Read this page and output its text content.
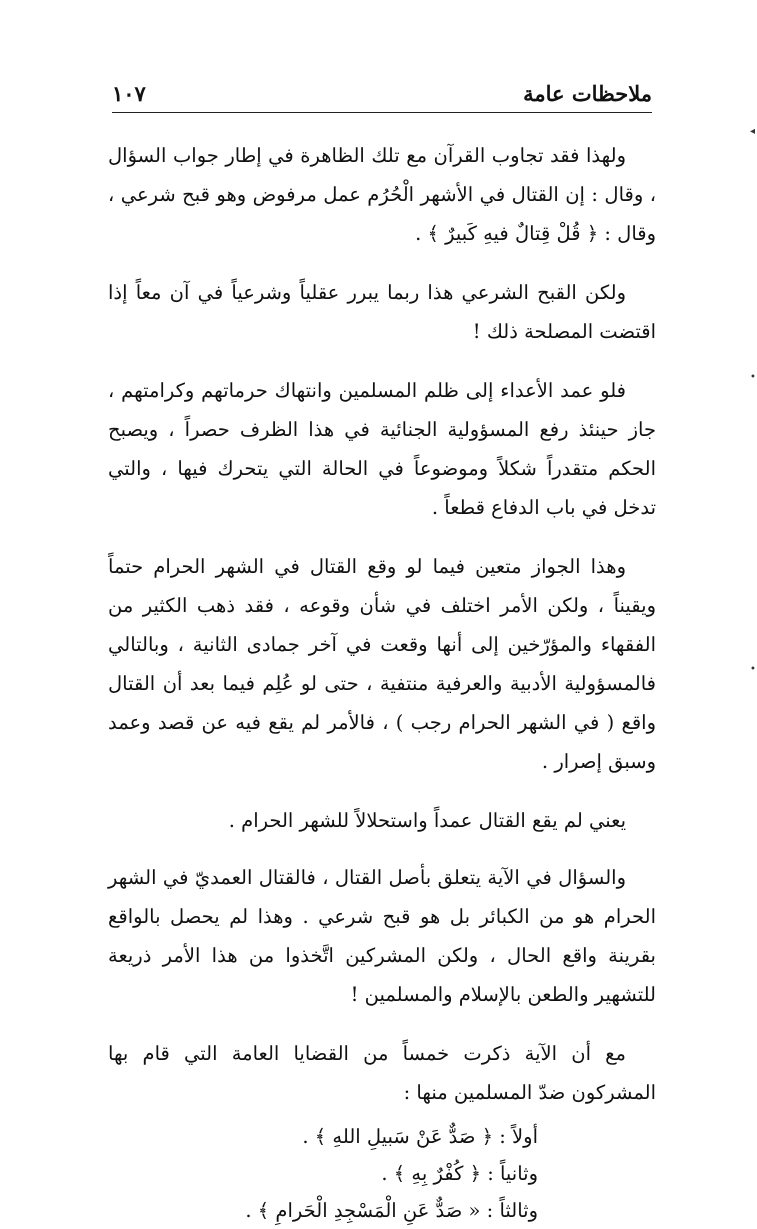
ملاحظات عامة
١٠٧
◂
•
•

ولهذا فقد تجاوب القرآن مع تلك الظاهرة في إطار جواب السؤال ، وقال : إن القتال في الأشهر الْحُرُم عمل مرفوض وهو قبح شرعي ، وقال : ﴿ قُلْ قِتالٌ فيهِ كَبيرٌ ﴾ .

ولكن القبح الشرعي هذا ربما يبرر عقلياً وشرعياً في آن معاً إذا اقتضت المصلحة ذلك !

فلو عمد الأعداء إلى ظلم المسلمين وانتهاك حرماتهم وكرامتهم ، جاز حينئذ رفع المسؤولية الجنائية في هذا الظرف حصراً ، ويصبح الحكم متقدراً شكلاً وموضوعاً في الحالة التي يتحرك فيها ، والتي تدخل في باب الدفاع قطعاً .

وهذا الجواز متعين فيما لو وقع القتال في الشهر الحرام حتماً ويقيناً ، ولكن الأمر اختلف في شأن وقوعه ، فقد ذهب الكثير من الفقهاء والمؤرّخين إلى أنها وقعت في آخر جمادى الثانية ، وبالتالي فالمسؤولية الأدبية والعرفية منتفية ، حتى لو عُلِم فيما بعد أن القتال واقع ( في الشهر الحرام رجب ) ، فالأمر لم يقع فيه عن قصد وعمد وسبق إصرار .

يعني لم يقع القتال عمداً واستحلالاً للشهر الحرام .

والسؤال في الآية يتعلق بأصل القتال ، فالقتال العمديّ في الشهر الحرام هو من الكبائر بل هو قبح شرعي . وهذا لم يحصل بالواقع بقرينة واقع الحال ، ولكن المشركين اتَّخذوا من هذا الأمر ذريعة للتشهير والطعن بالإسلام والمسلمين !

مع أن الآية ذكرت خمساً من القضايا العامة التي قام بها المشركون ضدّ المسلمين منها :

أولاً : ﴿ صَدٌّ عَنْ سَبيلِ اللهِ ﴾ .
وثانياً : ﴿ كُفْرٌ بِهِ ﴾ .
وثالثاً : « صَدٌّ عَنِ الْمَسْجِدِ الْحَرامِ ﴾ .
